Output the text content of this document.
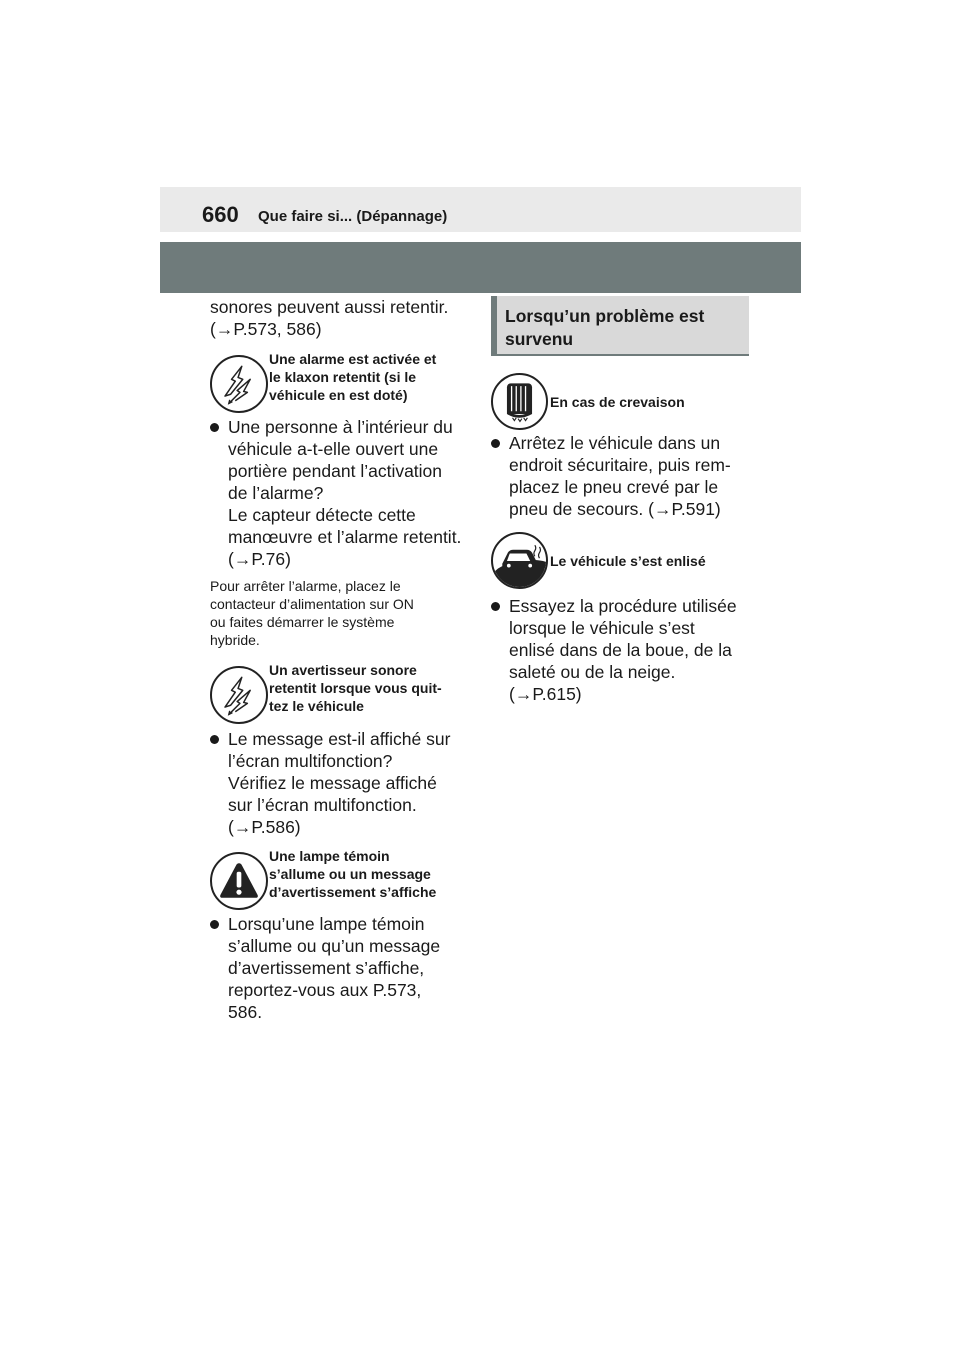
660 Que faire si... (Dépannage)
sonores peuvent aussi retentir.
(→P.573, 586)
Une alarme est activée et
le klaxon retentit (si le
véhicule en est doté)
Une personne à l’intérieur du
véhicule a-t-elle ouvert une
portière pendant l’activation
de l’alarme?
Le capteur détecte cette
manœuvre et l’alarme retentit.
(→P.76)
Pour arrêter l’alarme, placez le
contacteur d’alimentation sur ON
ou faites démarrer le système
hybride.
Un avertisseur sonore
retentit lorsque vous quit-
tez le véhicule
Le message est-il affiché sur
l’écran multifonction?
Vérifiez le message affiché
sur l’écran multifonction.
(→P.586)
Une lampe témoin
s’allume ou un message
d’avertissement s’affiche
Lorsqu’une lampe témoin
s’allume ou qu’un message
d’avertissement s’affiche,
reportez-vous aux P.573,
586.
Lorsqu’un problème est
survenu
En cas de crevaison
Arrêtez le véhicule dans un
endroit sécuritaire, puis rem-
placez le pneu crevé par le
pneu de secours. (→P.591)
Le véhicule s’est enlisé
Essayez la procédure utilisée
lorsque le véhicule s’est
enlisé dans de la boue, de la
saleté ou de la neige.
(→P.615)
